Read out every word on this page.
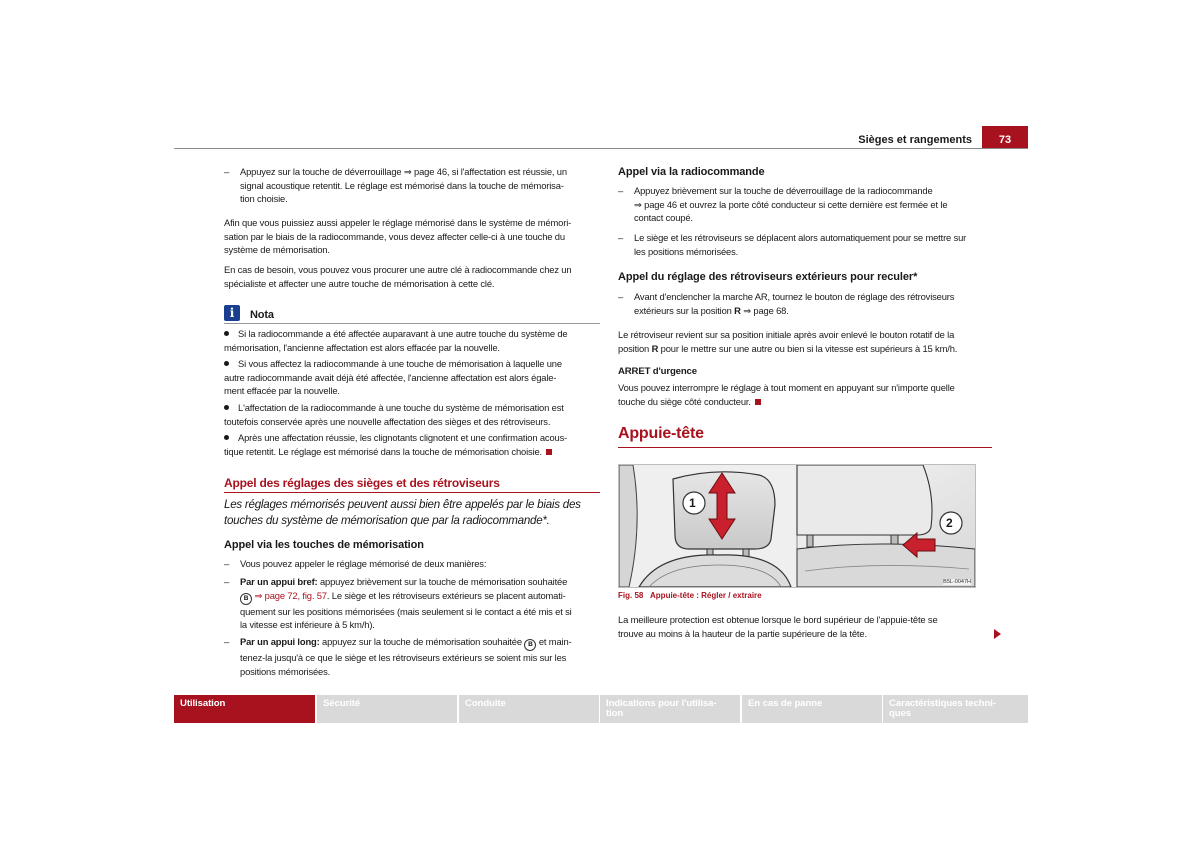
Sièges et rangements	73
– Appuyez sur la touche de déverrouillage ⇒ page 46, si l'affectation est réussie, un
signal acoustique retentit. Le réglage est mémorisé dans la touche de mémorisa-
tion choisie.
Afin que vous puissiez aussi appeler le réglage mémorisé dans le système de mémori-
sation par le biais de la radiocommande, vous devez affecter celle-ci à une touche du
système de mémorisation.
En cas de besoin, vous pouvez vous procurer une autre clé à radiocommande chez un
spécialiste et affecter une autre touche de mémorisation à cette clé.
i	Nota
Si la radiocommande a été affectée auparavant à une autre touche du système de
mémorisation, l'ancienne affectation est alors effacée par la nouvelle.
Si vous affectez la radiocommande à une touche de mémorisation à laquelle une
autre radiocommande avait déjà été affectée, l'ancienne affectation est alors égale-
ment effacée par la nouvelle.
L'affectation de la radiocommande à une touche du système de mémorisation est
toutefois conservée après une nouvelle affectation des sièges et des rétroviseurs.
Après une affectation réussie, les clignotants clignotent et une confirmation acous-
tique retentit. Le réglage est mémorisé dans la touche de mémorisation choisie.
Appel des réglages des sièges et des rétroviseurs
Les réglages mémorisés peuvent aussi bien être appelés par le biais des
touches du système de mémorisation que par la radiocommande*.
Appel via les touches de mémorisation
– Vous pouvez appeler le réglage mémorisé de deux manières:
– Par un appui bref: appuyez brièvement sur la touche de mémorisation souhaitée
B ⇒ page 72, fig. 57. Le siège et les rétroviseurs extérieurs se placent automati-
quement sur les positions mémorisées (mais seulement si le contact a été mis et si
la vitesse est inférieure à 5 km/h).
– Par un appui long: appuyez sur la touche de mémorisation souhaitée B et main-
tenez-la jusqu'à ce que le siège et les rétroviseurs extérieurs se soient mis sur les
positions mémorisées.
Appel via la radiocommande
– Appuyez brièvement sur la touche de déverrouillage de la radiocommande
⇒ page 46 et ouvrez la porte côté conducteur si cette dernière est fermée et le
contact coupé.
– Le siège et les rétroviseurs se déplacent alors automatiquement pour se mettre sur
les positions mémorisées.
Appel du réglage des rétroviseurs extérieurs pour reculer*
– Avant d'enclencher la marche AR, tournez le bouton de réglage des rétroviseurs
extérieurs sur la position R ⇒ page 68.
Le rétroviseur revient sur sa position initiale après avoir enlevé le bouton rotatif de la
position R pour le mettre sur une autre ou bien si la vitesse est supérieurs à 15 km/h.
ARRET d'urgence
Vous pouvez interrompre le réglage à tout moment en appuyant sur n'importe quelle
touche du siège côté conducteur.
Appuie-tête
1
2
B5L-0047H
Fig. 58 Appuie-tête : Régler / extraire
La meilleure protection est obtenue lorsque le bord supérieur de l'appuie-tête se
trouve au moins à la hauteur de la partie supérieure de la tête.
Utilisation	Sécurité	Conduite	Indications pour l'utilisa-
tion
En cas de panne	Caractéristiques techni-
ques
